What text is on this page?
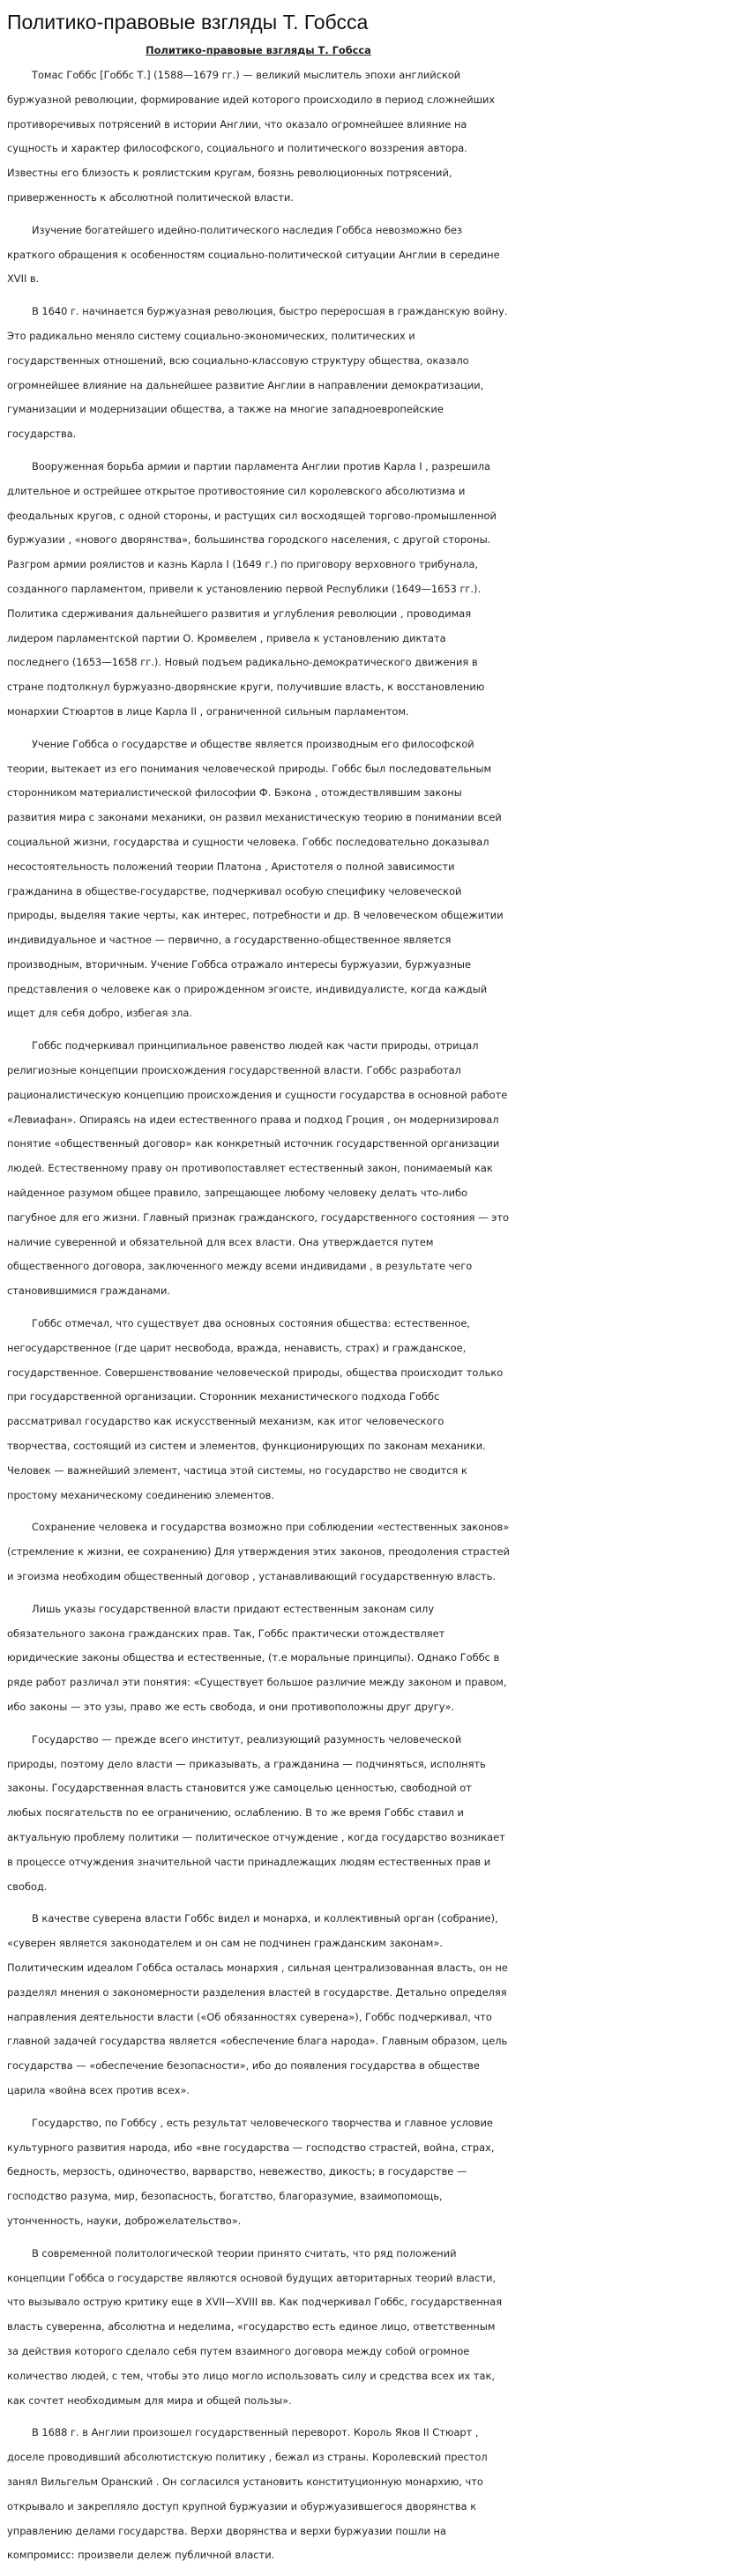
Политико-правовые взгляды Т. Гобсса
Политико-правовые взгляды Т. Гобсса

Томас Гоббс [Гоббс Т.] (1588—1679 гг.) — великий мыслитель эпохи английской буржуазной революции, формирование идей которого происходило в период сложнейших противоречивых потрясений в истории Англии, что оказало огромнейшее влияние на сущность и характер философского, социального и политического воззрения автора. Известны его близость к роялистским кругам, боязнь революционных потрясений, приверженность к абсолютной политической власти.

Изучение богатейшего идейно-политического наследия Гоббса невозможно без краткого обращения к особенностям социально-политической ситуации Англии в середине XVII в.

В 1640 г. начинается буржуазная революция, быстро переросшая в гражданскую войну. Это радикально меняло систему социально-экономических, политических и государственных отношений, всю социально-классовую структуру общества, оказало огромнейшее влияние на дальнейшее развитие Англии в направлении демократизации, гуманизации и модернизации общества, а также на многие западноевропейские государства.

Вооруженная борьба армии и партии парламента Англии против Карла I , разрешила длительное и острейшее открытое противостояние сил королевского абсолютизма и феодальных кругов, с одной стороны, и растущих сил восходящей торгово-промышленной буржуазии , «нового дворянства», большинства городского населения, с другой стороны. Разгром армии роялистов и казнь Карла I (1649 г.) по приговору верховного трибунала, созданного парламентом, привели к установлению первой Республики (1649—1653 гг.). Политика сдерживания дальнейшего развития и углубления революции , проводимая лидером парламентской партии О. Кромвелем , привела к установлению диктата последнего (1653—1658 гг.). Новый подъем радикально-демократического движения в стране подтолкнул буржуазно-дворянские круги, получившие власть, к восстановлению монархии Стюартов в лице Карла II , ограниченной сильным парламентом.

Учение Гоббса о государстве и обществе является производным его философской теории, вытекает из его понимания человеческой природы. Гоббс был последовательным сторонником материалистической философии Ф. Бэкона , отождествлявшим законы развития мира с законами механики, он развил механистическую теорию в понимании всей социальной жизни, государства и сущности человека. Гоббс последовательно доказывал несостоятельность положений теории Платона , Аристотеля о полной зависимости гражданина в обществе-государстве, подчеркивал особую специфику человеческой природы, выделяя такие черты, как интерес, потребности и др. В человеческом общежитии индивидуальное и частное — первично, а государственно-общественное является производным, вторичным. Учение Гоббса отражало интересы буржуазии, буржуазные представления о человеке как о прирожденном эгоисте, индивидуалисте, когда каждый ищет для себя добро, избегая зла.

Гоббс подчеркивал принципиальное равенство людей как части природы, отрицал религиозные концепции происхождения государственной власти. Гоббс разработал рационалистическую концепцию происхождения и сущности государства в основной работе «Левиафан». Опираясь на идеи естественного права и подход Гроция , он модернизировал понятие «общественный договор» как конкретный источник государственной организации людей. Естественному праву он противопоставляет естественный закон, понимаемый как найденное разумом общее правило, запрещающее любому человеку делать что-либо пагубное для его жизни. Главный признак гражданского, государственного состояния — это наличие суверенной и обязательной для всех власти. Она утверждается путем общественного договора, заключенного между всеми индивидами , в результате чего становившимися гражданами.

Гоббс отмечал, что существует два основных состояния общества: естественное, негосударственное (где царит несвобода, вражда, ненависть, страх) и гражданское, государственное. Совершенствование человеческой природы, общества происходит только при государственной организации. Сторонник механистического подхода Гоббс рассматривал государство как искусственный механизм, как итог человеческого творчества, состоящий из систем и элементов, функционирующих по законам механики. Человек — важнейший элемент, частица этой системы, но государство не сводится к простому механическому соединению элементов.

Сохранение человека и государства возможно при соблюдении «естественных законов» (стремление к жизни, ее сохранению) Для утверждения этих законов, преодоления страстей и эгоизма необходим общественный договор , устанавливающий государственную власть.

Лишь указы государственной власти придают естественным законам силу обязательного закона гражданских прав. Так, Гоббс практически отождествляет юридические законы общества и естественные, (т.е моральные принципы). Однако Гоббс в ряде работ различал эти понятия: «Существует большое различие между законом и правом, ибо законы — это узы, право же есть свобода, и они противоположны друг другу».

Государство — прежде всего институт, реализующий разумность человеческой природы, поэтому дело власти — приказывать, а гражданина — подчиняться, исполнять законы. Государственная власть становится уже самоцелью ценностью, свободной от любых посягательств по ее ограничению, ослаблению. В то же время Гоббс ставил и актуальную проблему политики — политическое отчуждение , когда государство возникает в процессе отчуждения значительной части принадлежащих людям естественных прав и свобод.

В качестве суверена власти Гоббс видел и монарха, и коллективный орган (собрание), «суверен является законодателем и он сам не подчинен гражданским законам». Политическим идеалом Гоббса осталась монархия , сильная централизованная власть, он не разделял мнения о закономерности разделения властей в государстве. Детально определяя направления деятельности власти («Об обязанностях суверена»), Гоббс подчеркивал, что главной задачей государства является «обеспечение блага народа». Главным образом, цель государства — «обеспечение безопасности», ибо до появления государства в обществе царила «война всех против всех».

Государство, по Гоббсу , есть результат человеческого творчества и главное условие культурного развития народа, ибо «вне государства — господство страстей, война, страх, бедность, мерзость, одиночество, варварство, невежество, дикость; в государстве — господство разума, мир, безопасность, богатство, благоразумие, взаимопомощь, утонченность, науки, доброжелательство».

В современной политологической теории принято считать, что ряд положений концепции Гоббса о государстве являются основой будущих авторитарных теорий власти, что вызывало острую критику еще в XVII—XVIII вв. Как подчеркивал Гоббс, государственная власть суверенна, абсолютна и неделима, «государство есть единое лицо, ответственным за действия которого сделало себя путем взаимного договора между собой огромное количество людей, с тем, чтобы это лицо могло использовать силу и средства всех их так, как сочтет необходимым для мира и общей пользы».

В 1688 г. в Англии произошел государственный переворот. Король Яков II Стюарт , доселе проводивший абсолютистскую политику , бежал из страны. Королевский престол занял Вильгельм Оранский . Он согласился установить конституционную монархию, что открывало и закрепляло доступ крупной буржуазии и обуржуазившегося дворянства к управлению делами государства. Верхи дворянства и верхи буржуазии пошли на компромисс: произвели дележ публичной власти.
